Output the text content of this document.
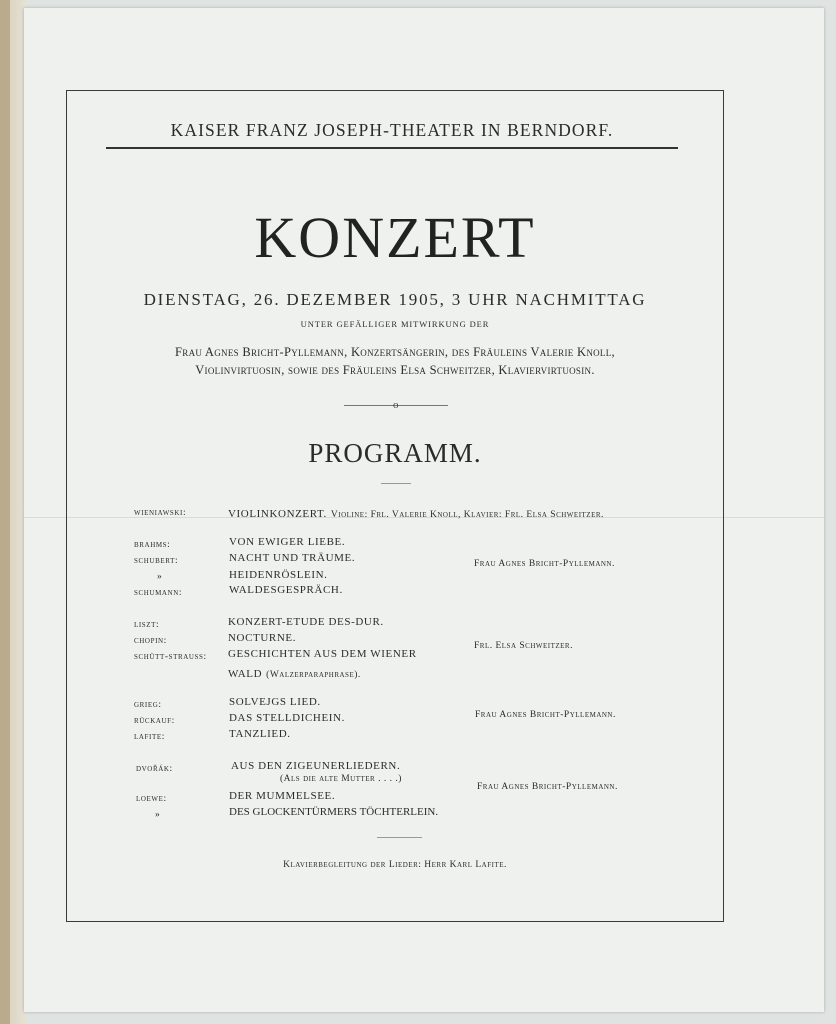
KAISER FRANZ JOSEPH-THEATER IN BERNDORF.
KONZERT
DIENSTAG, 26. DEZEMBER 1905, 3 UHR NACHMITTAG
UNTER GEFÄLLIGER MITWIRKUNG DER
Frau Agnes Bricht-Pyllemann, Konzertsängerin, des Fräuleins Valerie Knoll,
Violinvirtuosin, sowie des Fräuleins Elsa Schweitzer, Klaviervirtuosin.
o
PROGRAMM.
wieniawski:	VIOLINKONZERT. Violine: Frl. Valerie Knoll, Klavier: Frl. Elsa Schweitzer.
brahms:	VON EWIGER LIEBE.
schubert:	NACHT UND TRÄUME.
»	HEIDENRÖSLEIN.
schumann:	WALDESGESPRÄCH.
Frau Agnes Bricht-Pyllemann.
liszt:	KONZERT-ETUDE DES-DUR.
chopin:	NOCTURNE.
schütt-strauss: GESCHICHTEN AUS DEM WIENER
WALD (Walzerparaphrase).
Frl. Elsa Schweitzer.
grieg:	SOLVEJGS LIED.
rückauf:	DAS STELLDICHEIN.
lafite:	TANZLIED.
Frau Agnes Bricht-Pyllemann.
dvořák:	AUS DEN ZIGEUNERLIEDERN.
(Als die alte Mutter . . . .)
loewe:	DER MUMMELSEE.
»	DES GLOCKENTÜRMERS TÖCHTERLEIN.
Frau Agnes Bricht-Pyllemann.
Klavierbegleitung der Lieder: Herr Karl Lafite.
